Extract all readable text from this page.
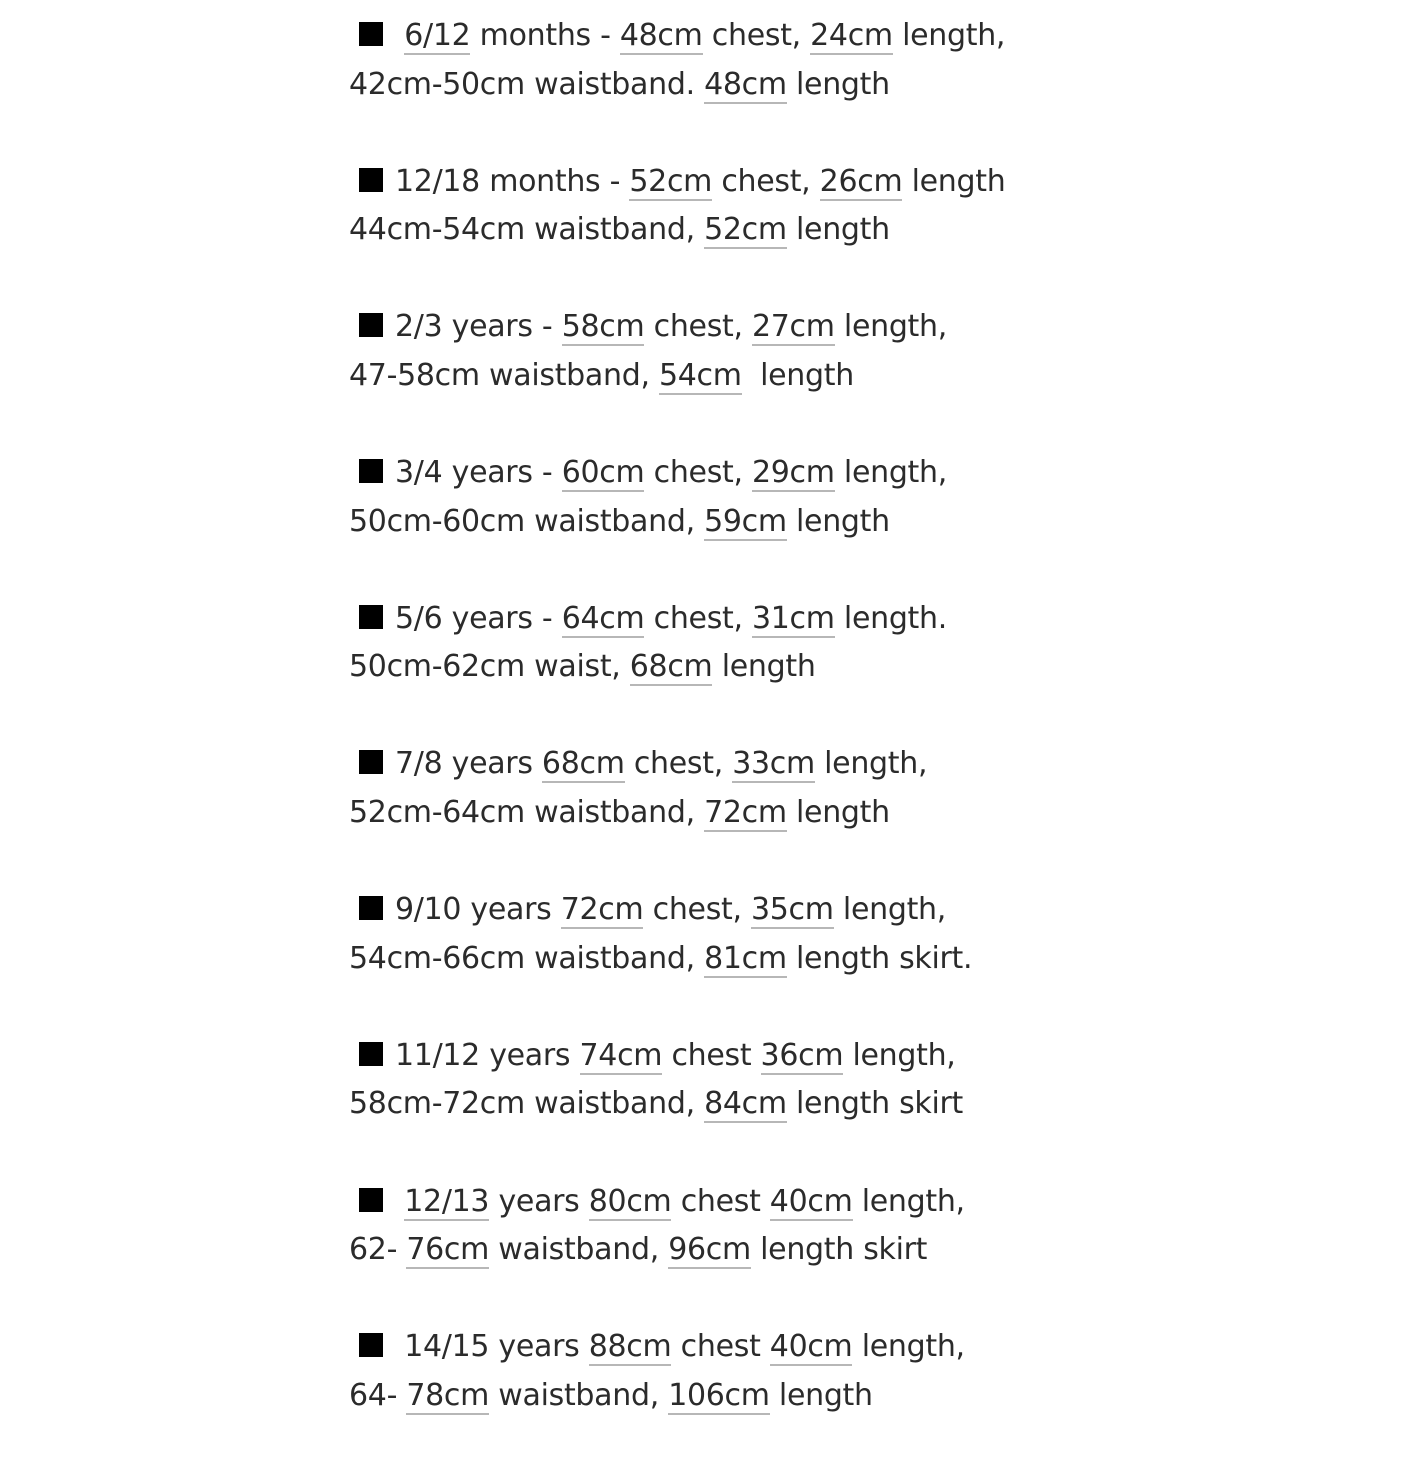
6/12 months - 48cm chest, 24cm length,
42cm-50cm waistband. 48cm length
12/18 months - 52cm chest, 26cm length
44cm-54cm waistband, 52cm length
2/3 years - 58cm chest, 27cm length,
47-58cm waistband, 54cm  length
3/4 years - 60cm chest, 29cm length,
50cm-60cm waistband, 59cm length
5/6 years - 64cm chest, 31cm length.
50cm-62cm waist, 68cm length
7/8 years 68cm chest, 33cm length,
52cm-64cm waistband, 72cm length
9/10 years 72cm chest, 35cm length,
54cm-66cm waistband, 81cm length skirt.
11/12 years 74cm chest 36cm length,
58cm-72cm waistband, 84cm length skirt
12/13 years 80cm chest 40cm length,
62- 76cm waistband, 96cm length skirt
14/15 years 88cm chest 40cm length,
64- 78cm waistband, 106cm length
